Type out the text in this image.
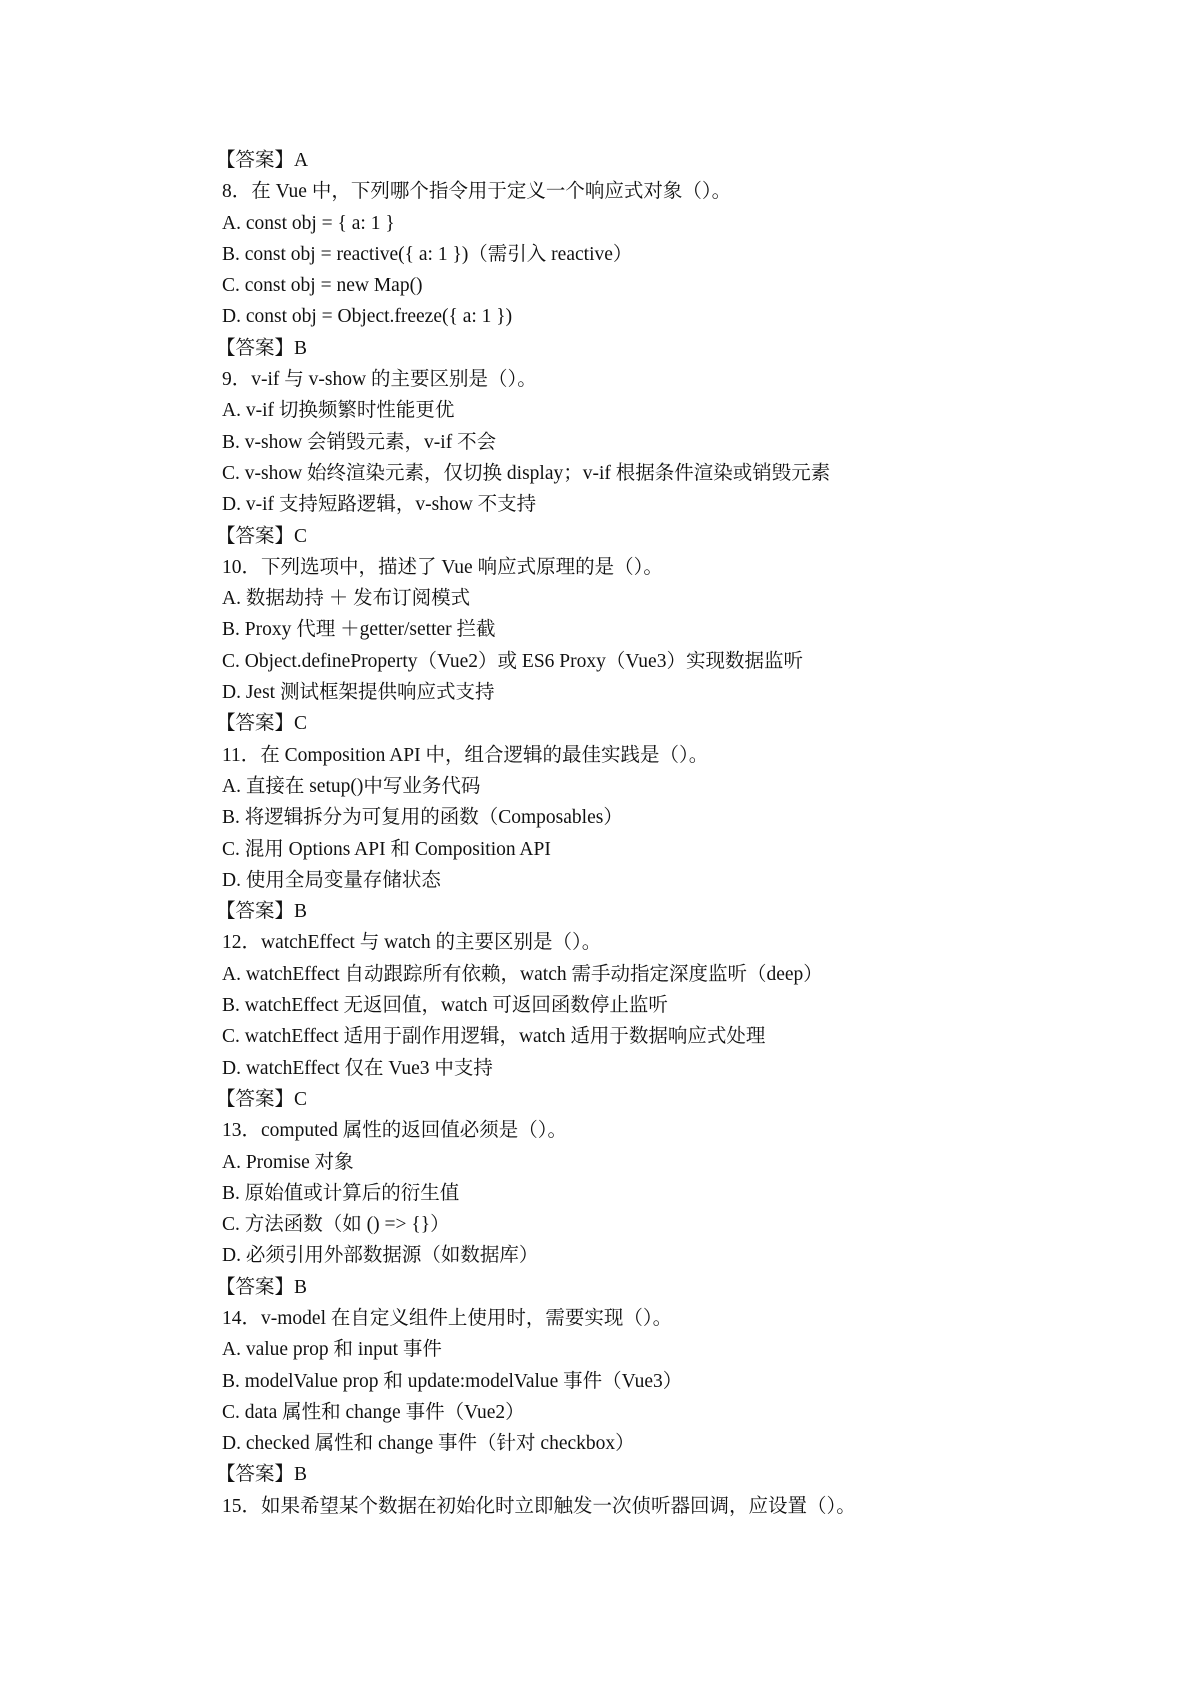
【答案】A
8．在 Vue 中，下列哪个指令用于定义一个响应式对象（）。
A. const obj = { a: 1 }
B. const obj = reactive({ a: 1 })（需引入 reactive）
C. const obj = new Map()
D. const obj = Object.freeze({ a: 1 })
【答案】B
9．v-if 与 v-show 的主要区别是（）。
A. v-if 切换频繁时性能更优
B. v-show 会销毁元素，v-if 不会
C. v-show 始终渲染元素，仅切换 display；v-if 根据条件渲染或销毁元素
D. v-if 支持短路逻辑，v-show 不支持
【答案】C
10．下列选项中，描述了 Vue 响应式原理的是（）。
A. 数据劫持 ＋ 发布订阅模式
B. Proxy 代理 ＋getter/setter 拦截
C. Object.defineProperty（Vue2）或 ES6 Proxy（Vue3）实现数据监听
D. Jest 测试框架提供响应式支持
【答案】C
11．在 Composition API 中，组合逻辑的最佳实践是（）。
A. 直接在 setup()中写业务代码
B. 将逻辑拆分为可复用的函数（Composables）
C. 混用 Options API 和 Composition API
D. 使用全局变量存储状态
【答案】B
12．watchEffect 与 watch 的主要区别是（）。
A. watchEffect 自动跟踪所有依赖，watch 需手动指定深度监听（deep）
B. watchEffect 无返回值，watch 可返回函数停止监听
C. watchEffect 适用于副作用逻辑，watch 适用于数据响应式处理
D. watchEffect 仅在 Vue3 中支持
【答案】C
13．computed 属性的返回值必须是（）。
A. Promise 对象
B. 原始值或计算后的衍生值
C. 方法函数（如 () => {}）
D. 必须引用外部数据源（如数据库）
【答案】B
14．v-model 在自定义组件上使用时，需要实现（）。
A. value prop 和 input 事件
B. modelValue prop 和 update:modelValue 事件（Vue3）
C. data 属性和 change 事件（Vue2）
D. checked 属性和 change 事件（针对 checkbox）
【答案】B
15．如果希望某个数据在初始化时立即触发一次侦听器回调，应设置（）。
